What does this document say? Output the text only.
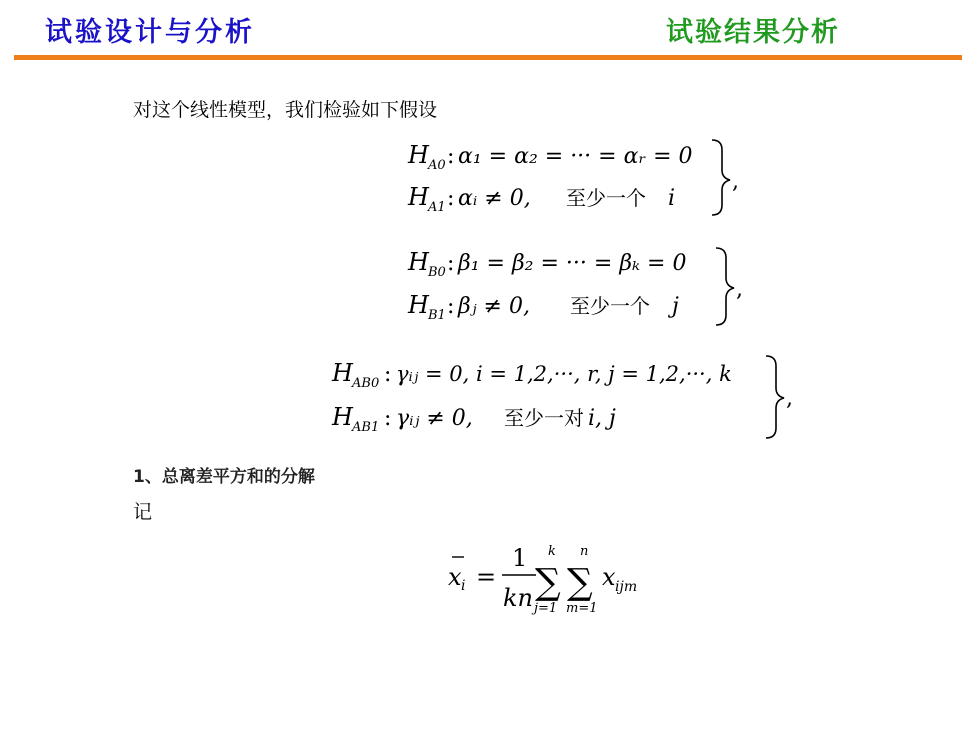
试验设计与分析	试验结果分析
对这个线性模型，我们检验如下假设
H A0 : α₁ = α₂ = ··· = αᵣ = 0
H A1 : αᵢ ≠ 0, 至少一个 i
,
H B0 : β₁ = β₂ = ··· = βₖ = 0
H B1 : βⱼ ≠ 0, 至少一个 j
,
H AB0 : γᵢⱼ = 0, i = 1,2,···, r, j = 1,2,···, k
H AB1 : γᵢⱼ ≠ 0, 至少一对 i, j
,
x i =
1
kn
k
∑
j=1
n
∑
m=1
x ijm
1、总离差平方和的分解
记
